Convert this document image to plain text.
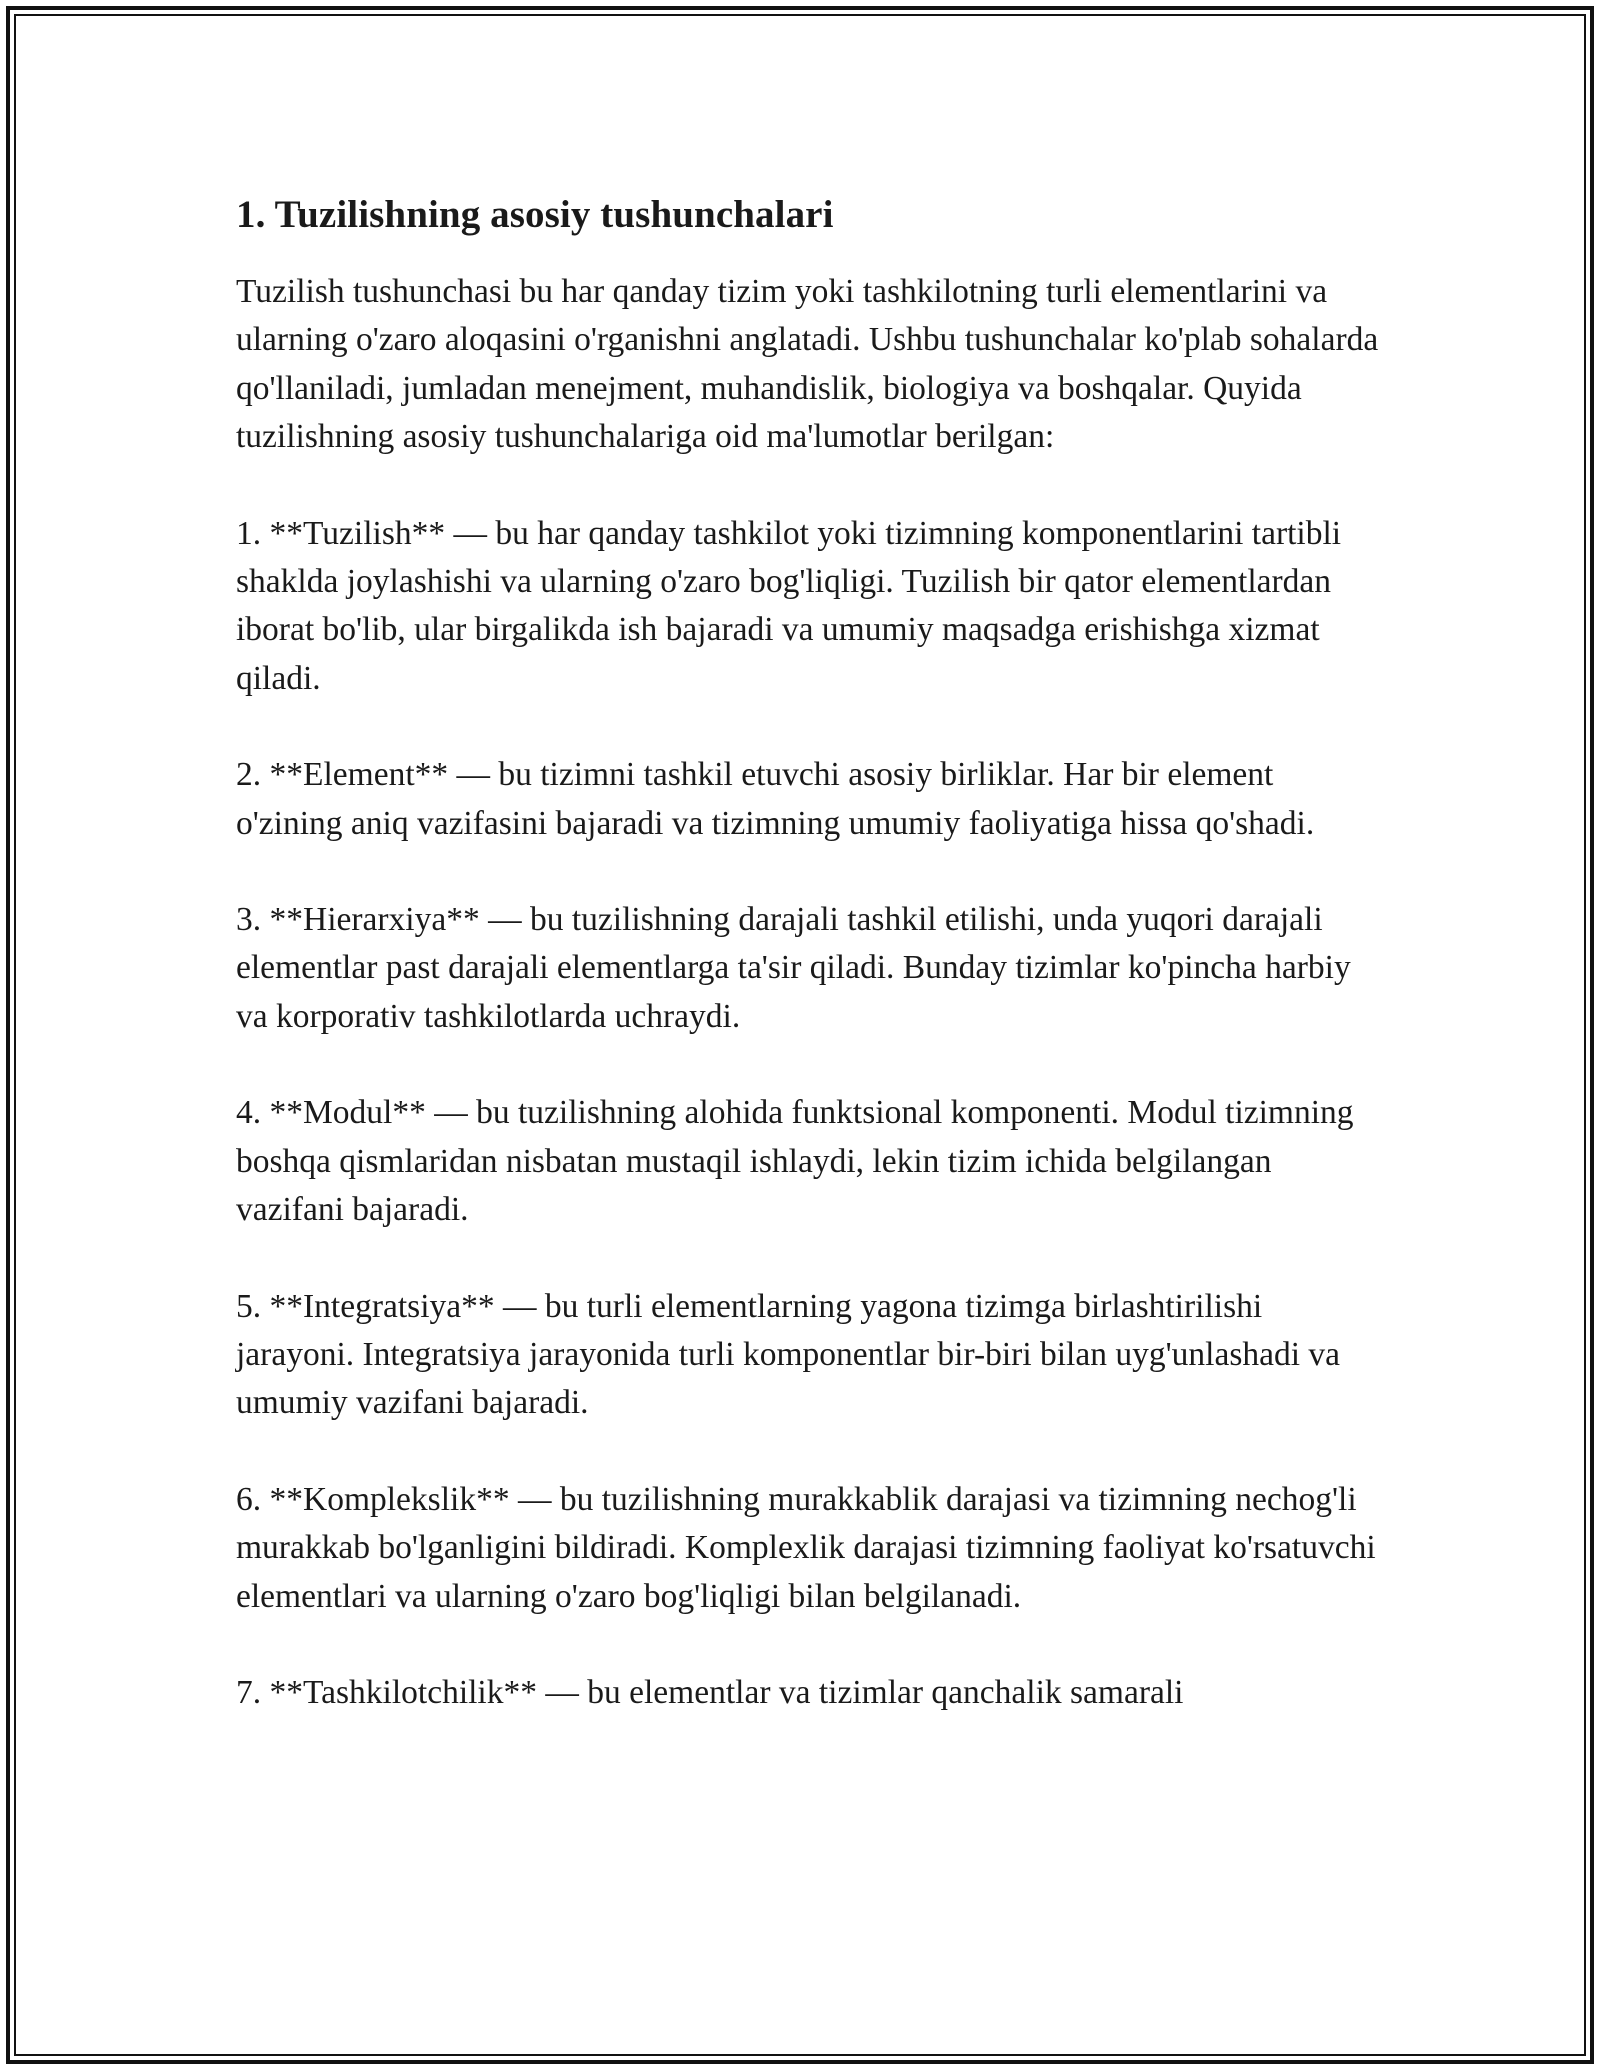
1. Tuzilishning asosiy tushunchalari

Tuzilish tushunchasi bu har qanday tizim yoki tashkilotning turli elementlarini va ularning o'zaro aloqasini o'rganishni anglatadi. Ushbu tushunchalar ko'plab sohalarda qo'llaniladi, jumladan menejment, muhandislik, biologiya va boshqalar. Quyida tuzilishning asosiy tushunchalariga oid ma'lumotlar berilgan:

1. **Tuzilish** — bu har qanday tashkilot yoki tizimning komponentlarini tartibli shaklda joylashishi va ularning o'zaro bog'liqligi. Tuzilish bir qator elementlardan iborat bo'lib, ular birgalikda ish bajaradi va umumiy maqsadga erishishga xizmat qiladi.

2. **Element** — bu tizimni tashkil etuvchi asosiy birliklar. Har bir element o'zining aniq vazifasini bajaradi va tizimning umumiy faoliyatiga hissa qo'shadi.

3. **Hierarxiya** — bu tuzilishning darajali tashkil etilishi, unda yuqori darajali elementlar past darajali elementlarga ta'sir qiladi. Bunday tizimlar ko'pincha harbiy va korporativ tashkilotlarda uchraydi.

4. **Modul** — bu tuzilishning alohida funktsional komponenti. Modul tizimning boshqa qismlaridan nisbatan mustaqil ishlaydi, lekin tizim ichida belgilangan vazifani bajaradi.

5. **Integratsiya** — bu turli elementlarning yagona tizimga birlashtirilishi jarayoni. Integratsiya jarayonida turli komponentlar bir-biri bilan uyg'unlashadi va umumiy vazifani bajaradi.

6. **Komplekslik** — bu tuzilishning murakkablik darajasi va tizimning nechog'li murakkab bo'lganligini bildiradi. Komplexlik darajasi tizimning faoliyat ko'rsatuvchi elementlari va ularning o'zaro bog'liqligi bilan belgilanadi.

7. **Tashkilotchilik** — bu elementlar va tizimlar qanchalik samarali
